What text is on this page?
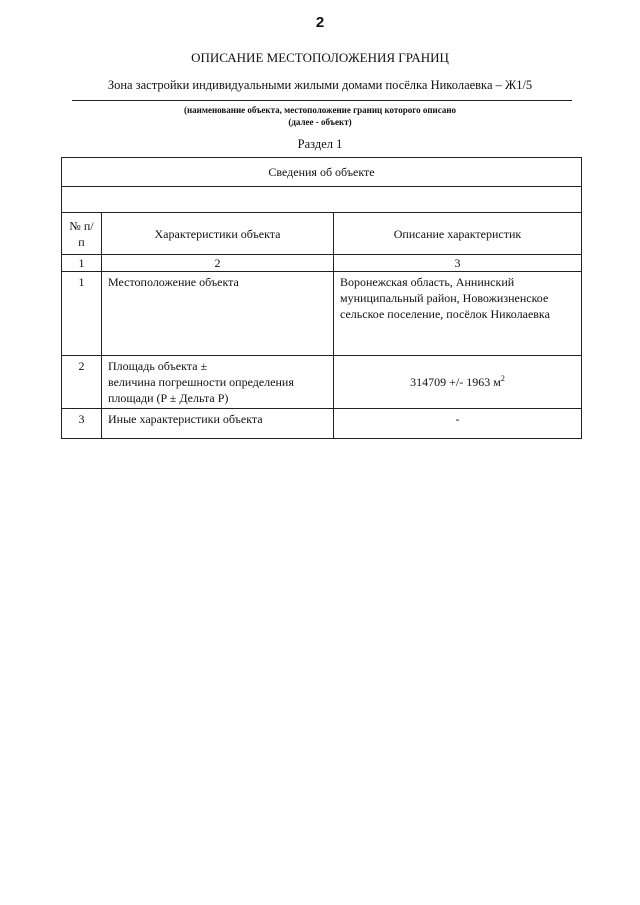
2
ОПИСАНИЕ МЕСТОПОЛОЖЕНИЯ ГРАНИЦ
Зона застройки индивидуальными жилыми домами посёлка Николаевка – Ж1/5
(наименование объекта, местоположение границ которого описано
(далее - объект)
Раздел 1
Сведения об объекте		

№ п/п	Характеристики объекта	Описание характеристик
1	2	3
1	Местоположение объекта	Воронежская область, Аннинский муниципальный район, Новожизненское сельское поселение, посёлок Николаевка
2	Площадь объекта ±
величина погрешности определения
площади (P ± Дельта P)	314709 +/- 1963 $м^2$
3	Иные характеристики объекта	-
